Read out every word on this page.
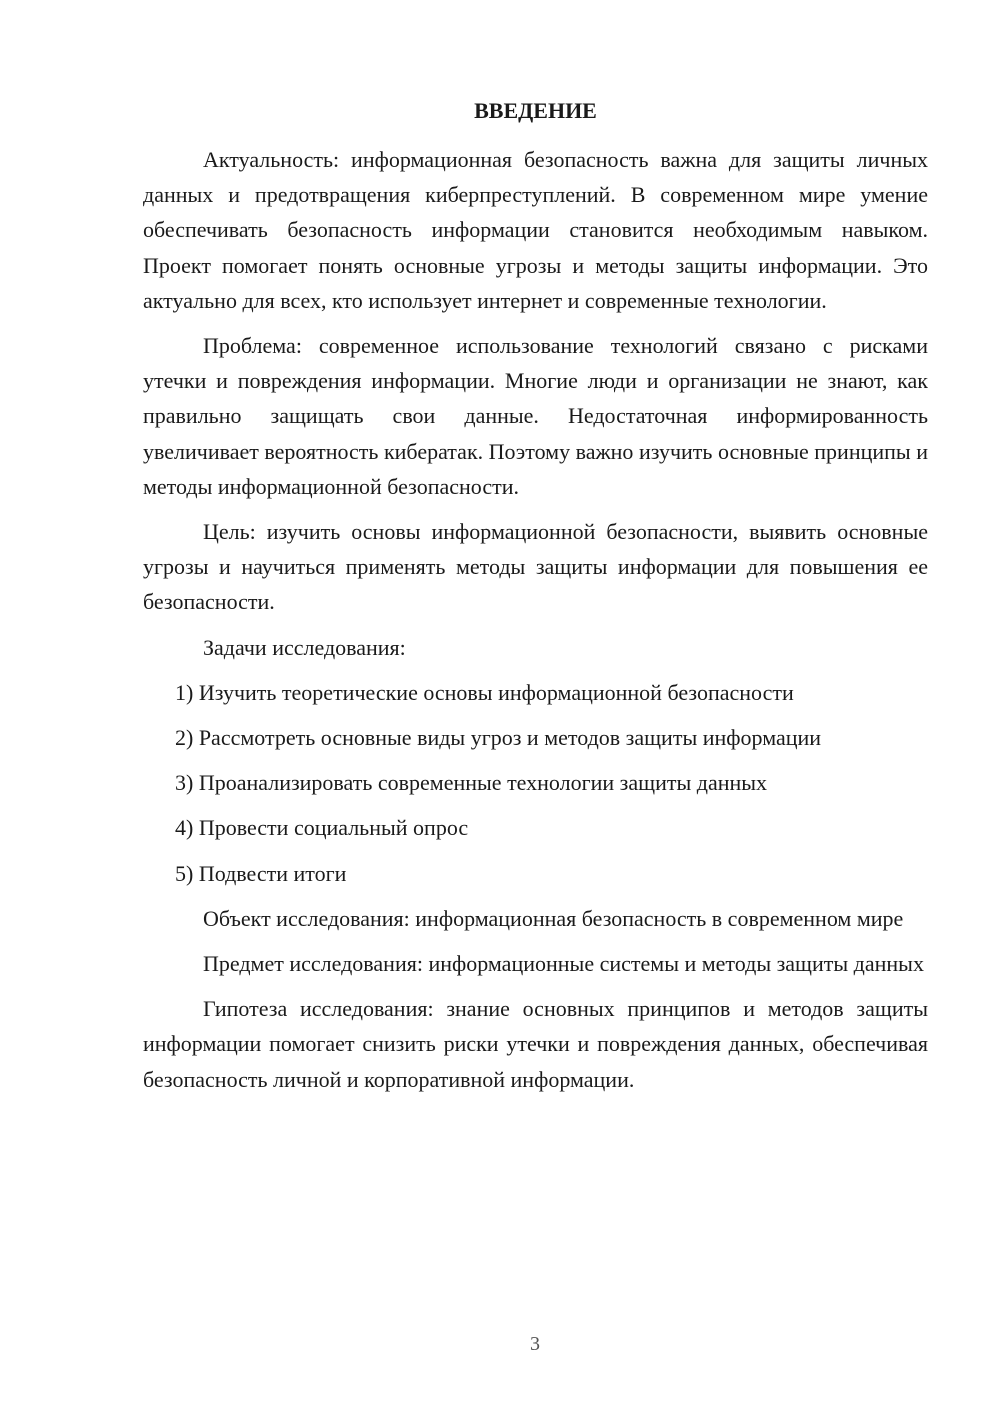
ВВЕДЕНИЕ

Актуальность: информационная безопасность важна для защиты личных данных и предотвращения киберпреступлений. В современном мире умение обеспечивать безопасность информации становится необходимым навыком. Проект помогает понять основные угрозы и методы защиты информации. Это актуально для всех, кто использует интернет и современные технологии.

Проблема: современное использование технологий связано с рисками утечки и повреждения информации. Многие люди и организации не знают, как правильно защищать свои данные. Недостаточная информированность увеличивает вероятность кибератак. Поэтому важно изучить основные принципы и методы информационной безопасности.

Цель: изучить основы информационной безопасности, выявить основные угрозы и научиться применять методы защиты информации для повышения ее безопасности.

Задачи исследования:

1) Изучить теоретические основы информационной безопасности
2) Рассмотреть основные виды угроз и методов защиты информации
3) Проанализировать современные технологии защиты данных
4) Провести социальный опрос
5) Подвести итоги

Объект исследования: информационная безопасность в современном мире

Предмет исследования: информационные системы и методы защиты данных

Гипотеза исследования: знание основных принципов и методов защиты информации помогает снизить риски утечки и повреждения данных, обеспечивая безопасность личной и корпоративной информации.

3
